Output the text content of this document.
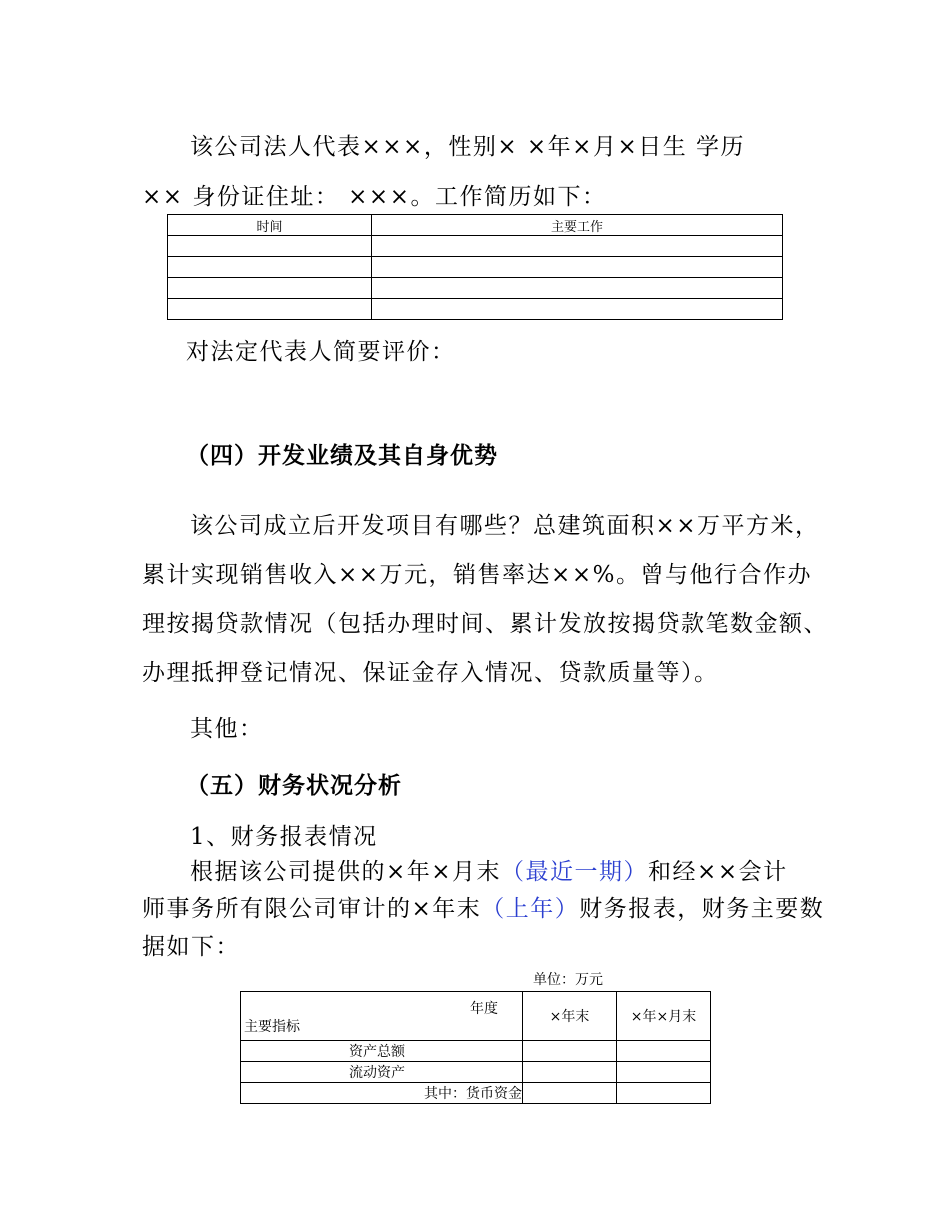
该公司法人代表×××，性别× ×年×月×日生 学历
×× 身份证住址： ×××。工作简历如下：
时间	主要工作

对法定代表人简要评价：
（四）开发业绩及其自身优势
该公司成立后开发项目有哪些？总建筑面积××万平方米，
累计实现销售收入××万元，销售率达××%。曾与他行合作办
理按揭贷款情况（包括办理时间、累计发放按揭贷款笔数金额、
办理抵押登记情况、保证金存入情况、贷款质量等）。
其他：
（五）财务状况分析
1、财务报表情况
根据该公司提供的×年×月末（最近一期）和经××会计
师事务所有限公司审计的×年末（上年）财务报表，财务主要数
据如下：
单位：万元
年度
主要指标	×年末	×年×月末
资产总额		
流动资产		
其中：货币资金		
